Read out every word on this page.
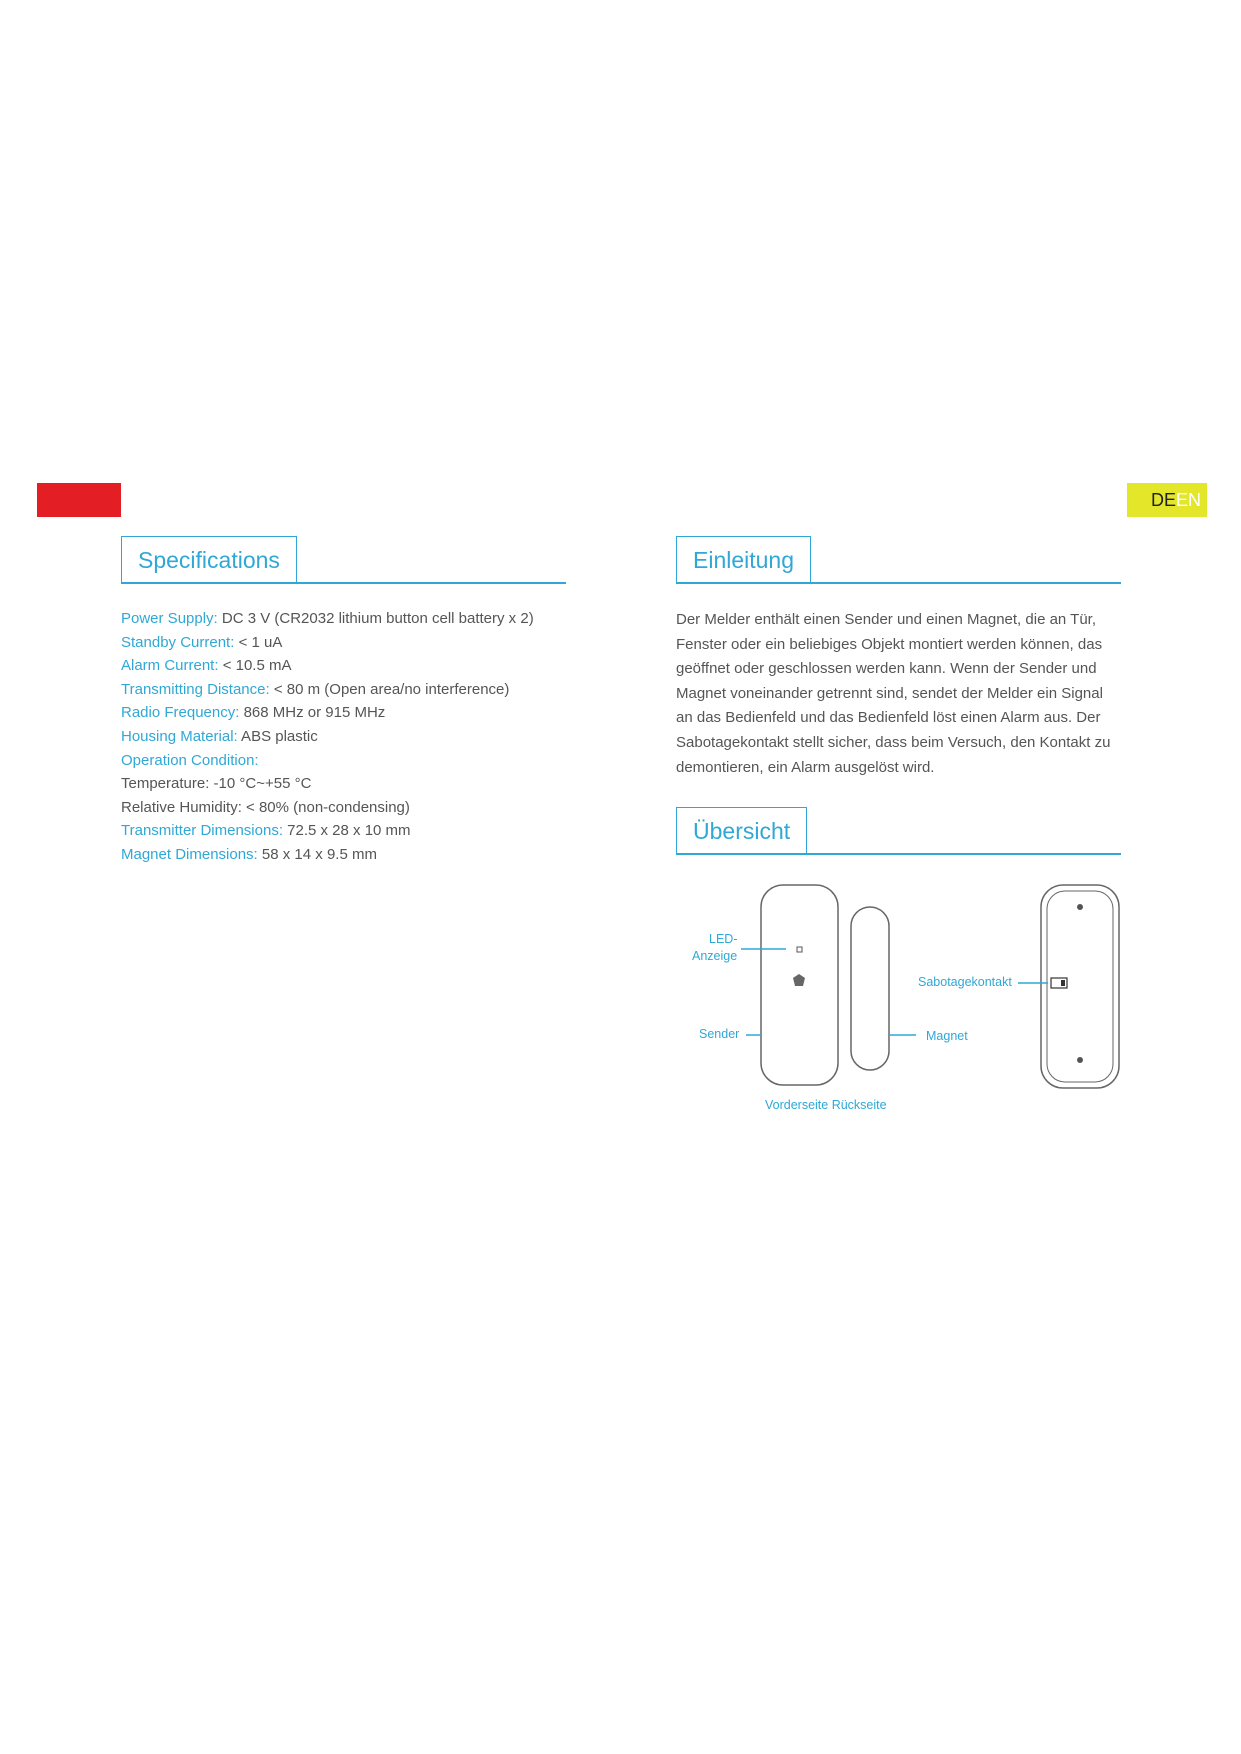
DEEN
Specifications
Power Supply: DC 3 V (CR2032 lithium button cell battery x 2)
Standby Current: < 1 uA
Alarm Current: < 10.5 mA
Transmitting Distance: < 80 m (Open area/no interference)
Radio Frequency: 868 MHz or 915 MHz
Housing Material: ABS plastic
Operation Condition:
Temperature: -10 °C~+55 °C
Relative Humidity: < 80% (non-condensing)
Transmitter Dimensions: 72.5 x 28 x 10 mm
Magnet Dimensions: 58 x 14 x 9.5 mm
Einleitung
Der Melder enthält einen Sender und einen Magnet, die an Tür,
Fenster oder ein beliebiges Objekt montiert werden können, das
geöffnet oder geschlossen werden kann. Wenn der Sender und
Magnet voneinander getrennt sind, sendet der Melder ein Signal
an das Bedienfeld und das Bedienfeld löst einen Alarm aus. Der
Sabotagekontakt stellt sicher, dass beim Versuch, den Kontakt zu
demontieren, ein Alarm ausgelöst wird.
Übersicht
LED-
Anzeige
Sender	Magnet
Sabotagekontakt
Vorderseite Rückseite
